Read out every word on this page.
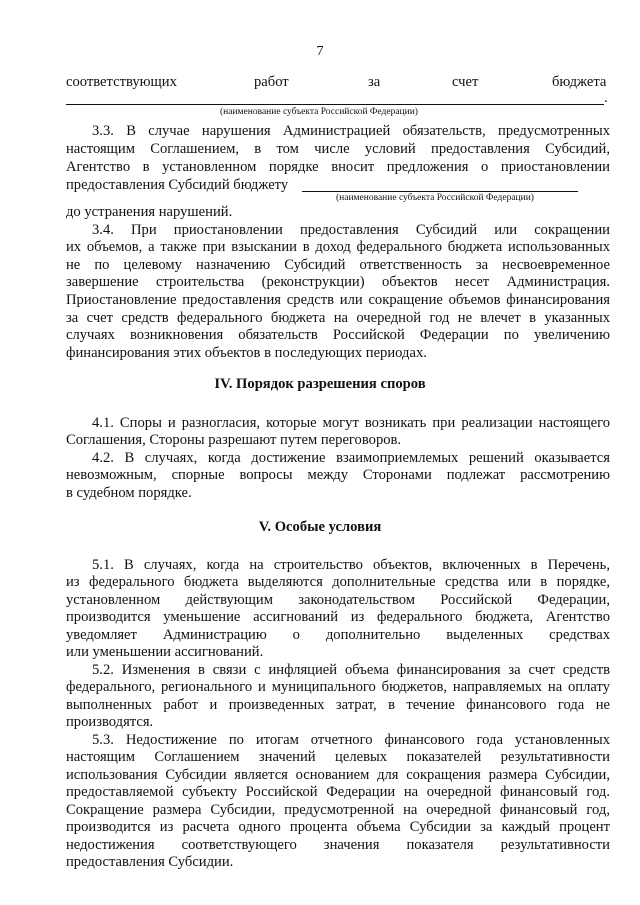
7
соответствующих	работ	за	счет	бюджета
.
(наименование субъекта Российской Федерации)
3.3. В случае нарушения Администрацией обязательств, предусмотренных
настоящим Соглашением, в том числе условий предоставления Субсидий,
Агентство в установленном порядке вносит предложения о приостановлении
предоставления Субсидий бюджету
(наименование субъекта Российской Федерации)
до устранения нарушений.
3.4. При приостановлении предоставления Субсидий или сокращении
их объемов, а также при взыскании в доход федерального бюджета использованных
не по целевому назначению Субсидий ответственность за несвоевременное
завершение строительства (реконструкции) объектов несет Администрация.
Приостановление предоставления средств или сокращение объемов финансирования
за счет средств федерального бюджета на очередной год не влечет в указанных
случаях возникновения обязательств Российской Федерации по увеличению
финансирования этих объектов в последующих периодах.
IV. Порядок разрешения споров
4.1. Споры и разногласия, которые могут возникать при реализации настоящего
Соглашения, Стороны разрешают путем переговоров.
4.2. В случаях, когда достижение взаимоприемлемых решений оказывается
невозможным, спорные вопросы между Сторонами подлежат рассмотрению
в судебном порядке.
V. Особые условия
5.1. В случаях, когда на строительство объектов, включенных в Перечень,
из федерального бюджета выделяются дополнительные средства или в порядке,
установленном действующим законодательством Российской Федерации,
производится уменьшение ассигнований из федерального бюджета, Агентство
уведомляет Администрацию о дополнительно выделенных средствах
или уменьшении ассигнований.
5.2. Изменения в связи с инфляцией объема финансирования за счет средств
федерального, регионального и муниципального бюджетов, направляемых на оплату
выполненных работ и произведенных затрат, в течение финансового года не
производятся.
5.3. Недостижение по итогам отчетного финансового года установленных
настоящим Соглашением значений целевых показателей результативности
использования Субсидии является основанием для сокращения размера Субсидии,
предоставляемой субъекту Российской Федерации на очередной финансовый год.
Сокращение размера Субсидии, предусмотренной на очередной финансовый год,
производится из расчета одного процента объема Субсидии за каждый процент
недостижения соответствующего значения показателя результативности
предоставления Субсидии.
